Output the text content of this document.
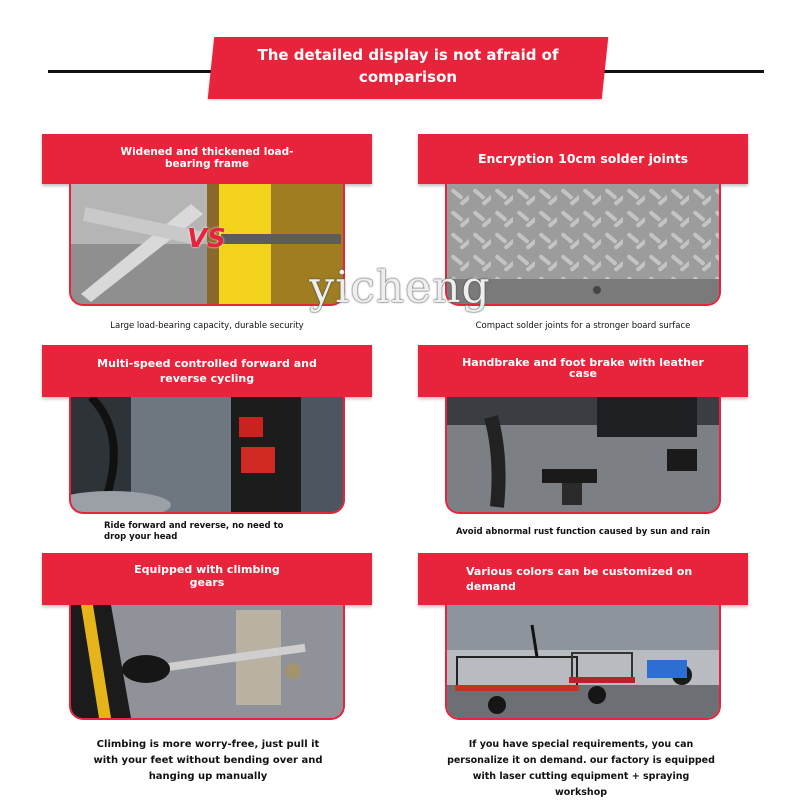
The detailed display is not afraid of comparison
Widened and thickened load-bearing frame
VS
Large load-bearing capacity, durable security
Encryption 10cm solder joints
Compact solder joints for a stronger board surface
Multi-speed controlled forward and reverse cycling
Ride forward and reverse, no need to drop your head
Handbrake and foot brake with leather case
Avoid abnormal rust function caused by sun and rain
Equipped with climbing gears
Climbing is more worry-free, just pull it with your feet without bending over and hanging up manually
Various colors can be customized on demand
If you have special requirements, you can personalize it on demand. our factory is equipped with laser cutting equipment + spraying workshop
yicheng
